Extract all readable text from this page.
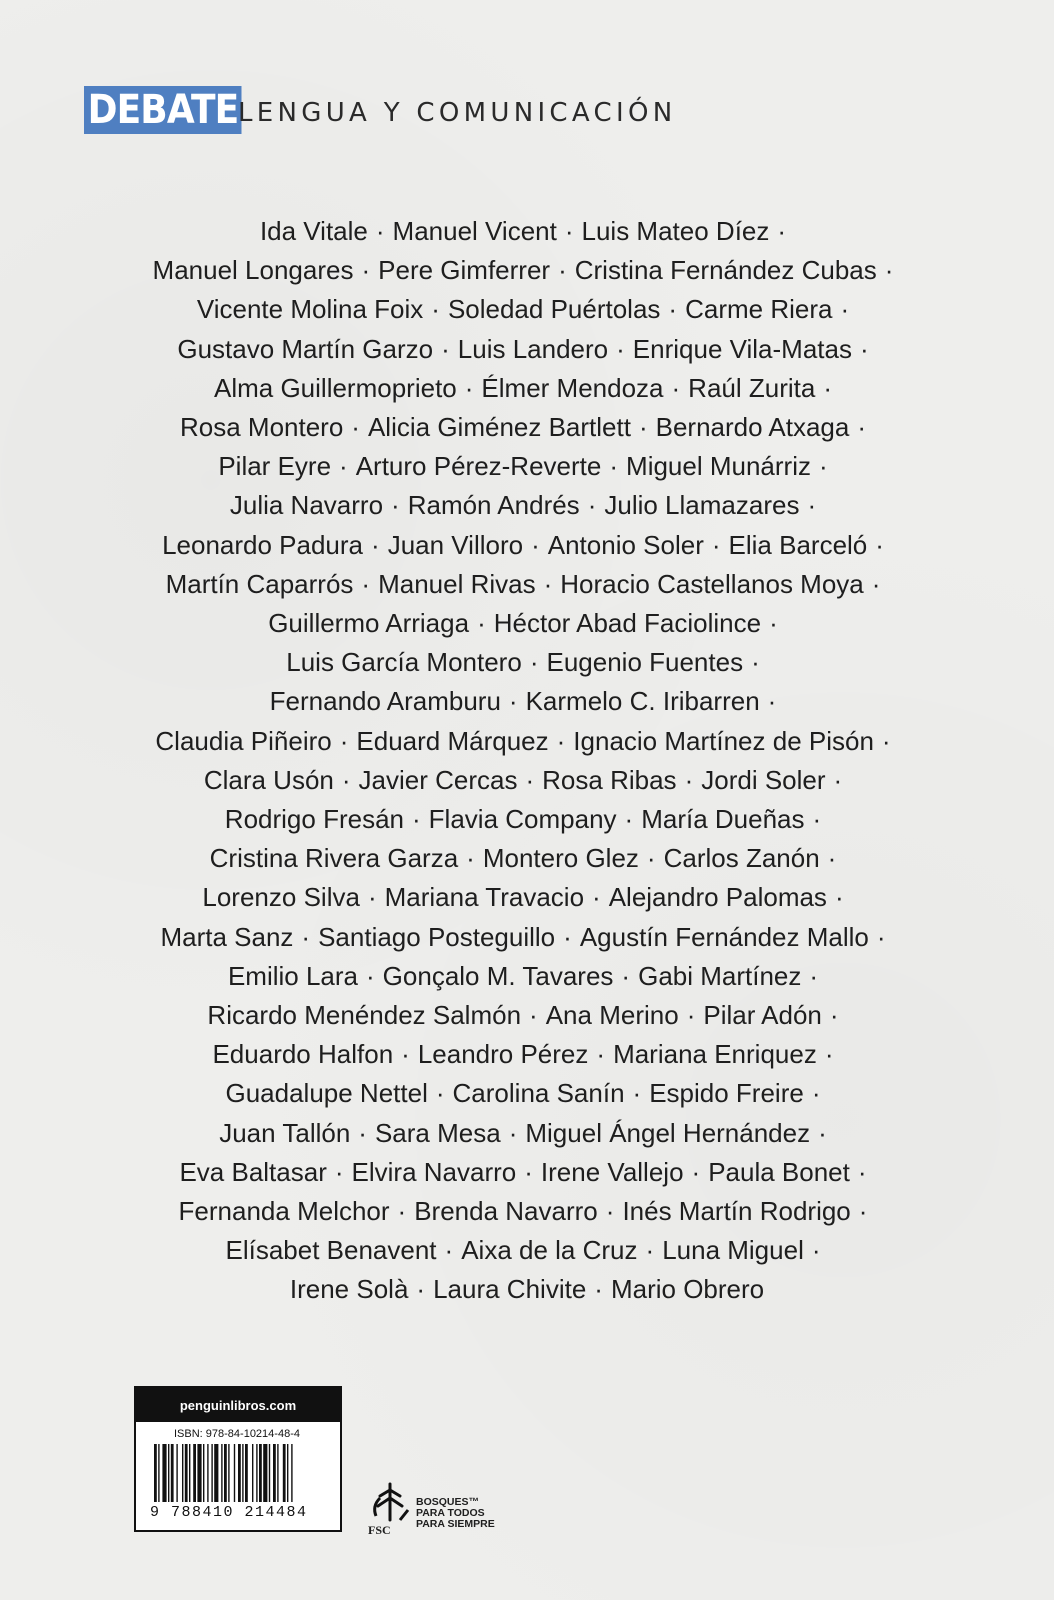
DEBATE LENGUA Y COMUNICACIÓN
Ida Vitale · Manuel Vicent · Luis Mateo Díez ·
Manuel Longares · Pere Gimferrer · Cristina Fernández Cubas ·
Vicente Molina Foix · Soledad Puértolas · Carme Riera ·
Gustavo Martín Garzo · Luis Landero · Enrique Vila-Matas ·
Alma Guillermoprieto · Élmer Mendoza · Raúl Zurita ·
Rosa Montero · Alicia Giménez Bartlett · Bernardo Atxaga ·
Pilar Eyre · Arturo Pérez-Reverte · Miguel Munárriz ·
Julia Navarro · Ramón Andrés · Julio Llamazares ·
Leonardo Padura · Juan Villoro · Antonio Soler · Elia Barceló ·
Martín Caparrós · Manuel Rivas · Horacio Castellanos Moya ·
Guillermo Arriaga · Héctor Abad Faciolince ·
Luis García Montero · Eugenio Fuentes ·
Fernando Aramburu · Karmelo C. Iribarren ·
Claudia Piñeiro · Eduard Márquez · Ignacio Martínez de Pisón ·
Clara Usón · Javier Cercas · Rosa Ribas · Jordi Soler ·
Rodrigo Fresán · Flavia Company · María Dueñas ·
Cristina Rivera Garza · Montero Glez · Carlos Zanón ·
Lorenzo Silva · Mariana Travacio · Alejandro Palomas ·
Marta Sanz · Santiago Posteguillo · Agustín Fernández Mallo ·
Emilio Lara · Gonçalo M. Tavares · Gabi Martínez ·
Ricardo Menéndez Salmón · Ana Merino · Pilar Adón ·
Eduardo Halfon · Leandro Pérez · Mariana Enriquez ·
Guadalupe Nettel · Carolina Sanín · Espido Freire ·
Juan Tallón · Sara Mesa · Miguel Ángel Hernández ·
Eva Baltasar · Elvira Navarro · Irene Vallejo · Paula Bonet ·
Fernanda Melchor · Brenda Navarro · Inés Martín Rodrigo ·
Elísabet Benavent · Aixa de la Cruz · Luna Miguel ·
Irene Solà · Laura Chivite · Mario Obrero
penguinlibros.com
ISBN: 978-84-10214-48-4
9 788410 214484
FSC
BOSQUES™
PARA TODOS
PARA SIEMPRE
